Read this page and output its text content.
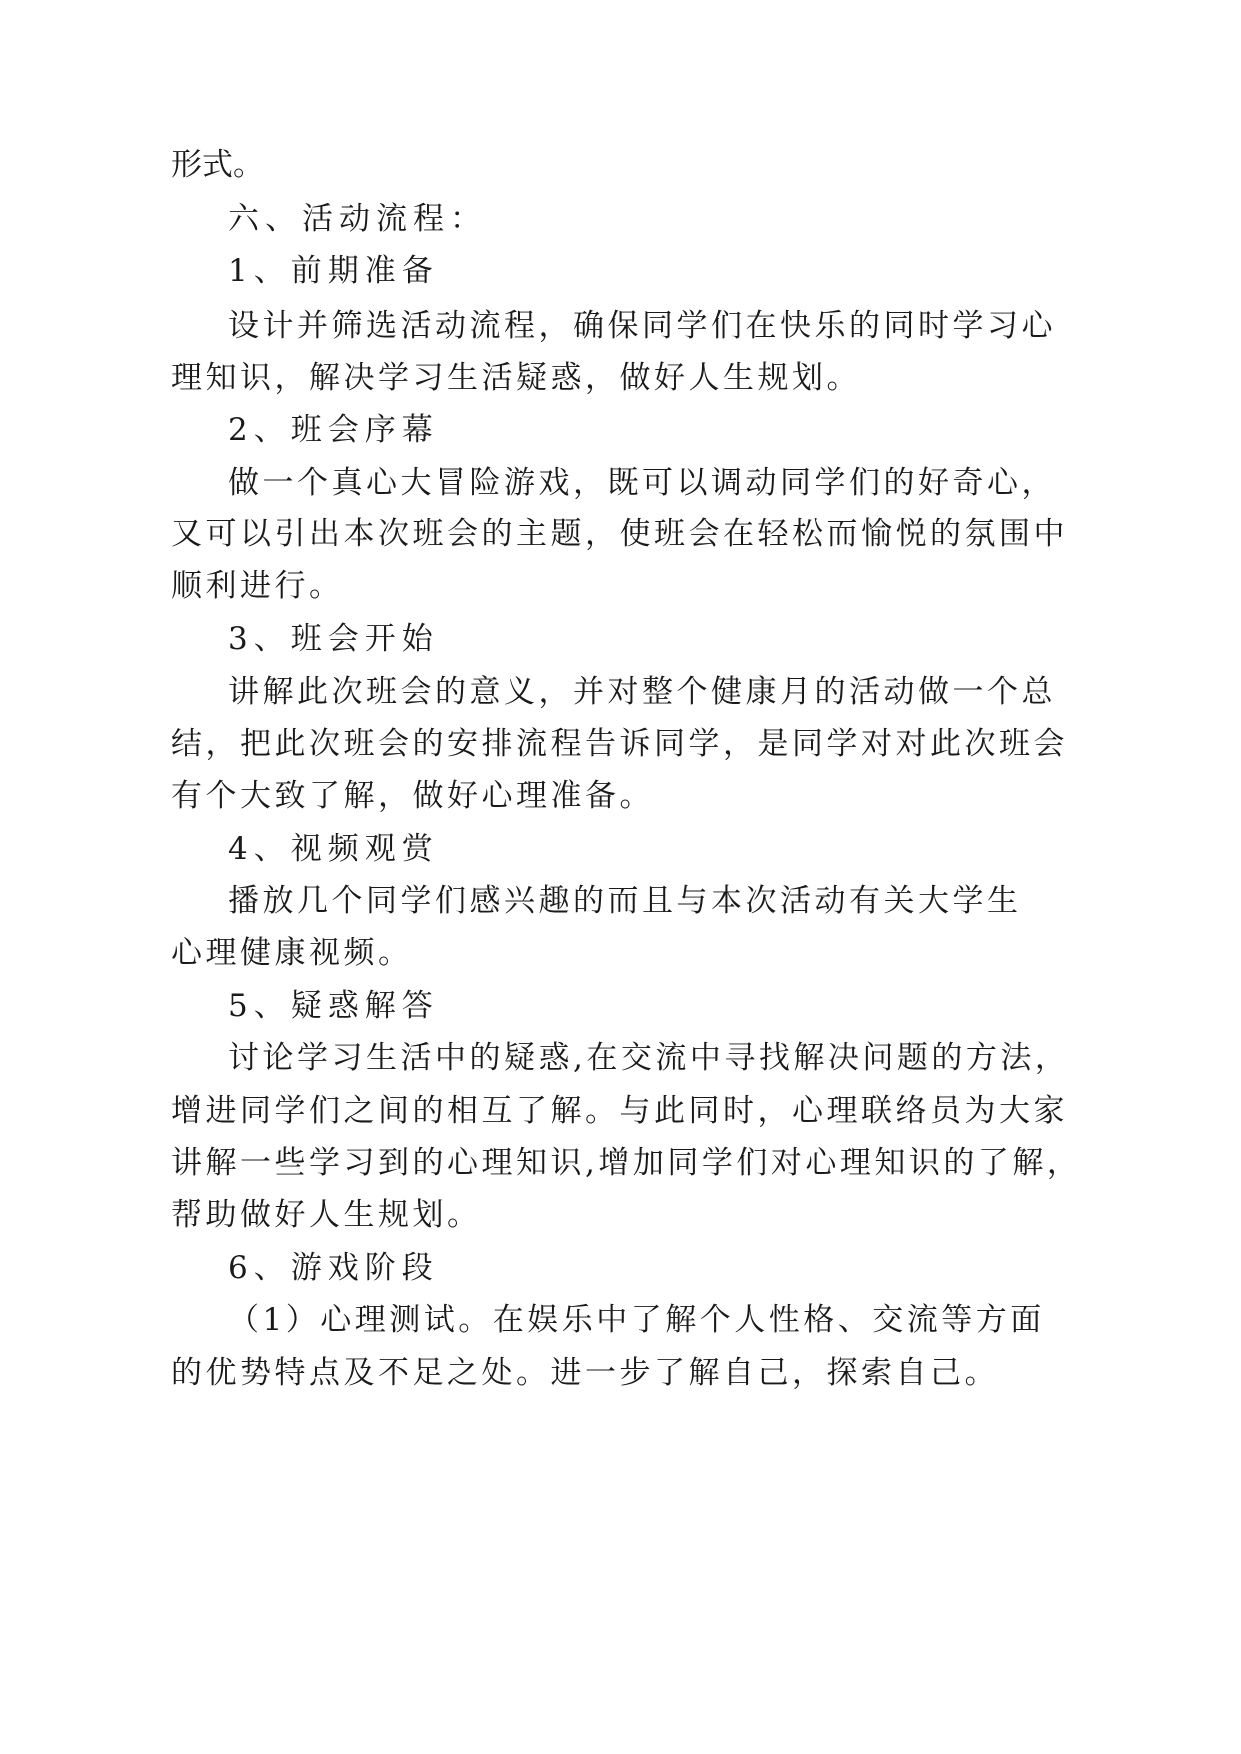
形式。
六、活动流程：
1、前期准备
设计并筛选活动流程，确保同学们在快乐的同时学习心
理知识，解决学习生活疑惑，做好人生规划。
2、班会序幕
做一个真心大冒险游戏，既可以调动同学们的好奇心，
又可以引出本次班会的主题，使班会在轻松而愉悦的氛围中
顺利进行。
3、班会开始
讲解此次班会的意义，并对整个健康月的活动做一个总
结，把此次班会的安排流程告诉同学，是同学对对此次班会
有个大致了解，做好心理准备。
4、视频观赏
播放几个同学们感兴趣的而且与本次活动有关大学生
心理健康视频。
5、疑惑解答
讨论学习生活中的疑惑,在交流中寻找解决问题的方法，
增进同学们之间的相互了解。与此同时，心理联络员为大家
讲解一些学习到的心理知识,增加同学们对心理知识的了解，
帮助做好人生规划。
6、游戏阶段
（1）心理测试。在娱乐中了解个人性格、交流等方面
的优势特点及不足之处。进一步了解自己，探索自己。
